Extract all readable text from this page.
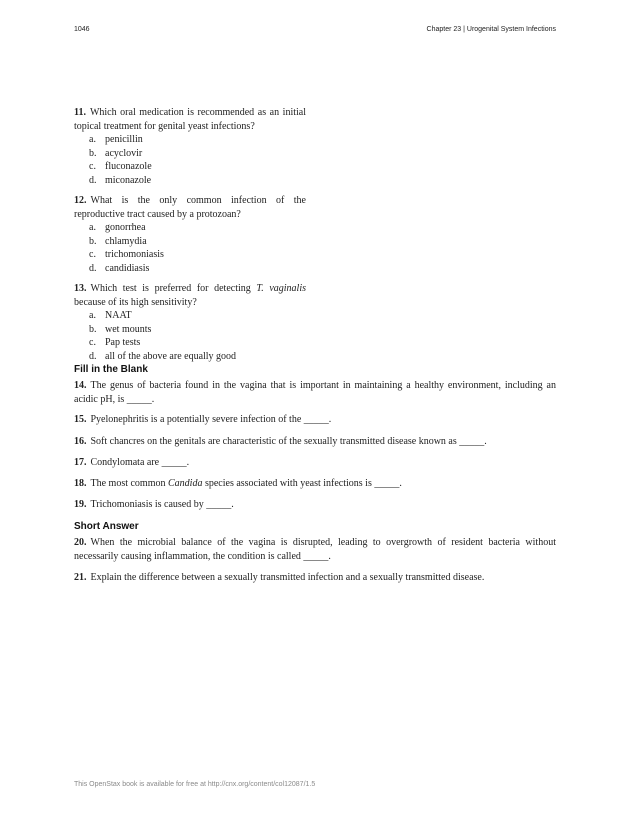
1046	Chapter 23 | Urogenital System Infections

11. Which oral medication is recommended as an initial topical treatment for genital yeast infections?

a. penicillin
b. acyclovir
c. fluconazole
d. miconazole

12. What is the only common infection of the reproductive tract caused by a protozoan?

a. gonorrhea
b. chlamydia
c. trichomoniasis
d. candidiasis

13. Which test is preferred for detecting T. vaginalis because of its high sensitivity?

a. NAAT
b. wet mounts
c. Pap tests
d. all of the above are equally good
Fill in the Blank

14. The genus of bacteria found in the vagina that is important in maintaining a healthy environment, including an acidic pH, is _____.

15. Pyelonephritis is a potentially severe infection of the _____.

16. Soft chancres on the genitals are characteristic of the sexually transmitted disease known as _____.

17. Condylomata are _____.

18. The most common Candida species associated with yeast infections is _____.

19. Trichomoniasis is caused by _____.

Short Answer

20. When the microbial balance of the vagina is disrupted, leading to overgrowth of resident bacteria without necessarily causing inflammation, the condition is called _____.

21. Explain the difference between a sexually transmitted infection and a sexually transmitted disease.

This OpenStax book is available for free at http://cnx.org/content/col12087/1.5
